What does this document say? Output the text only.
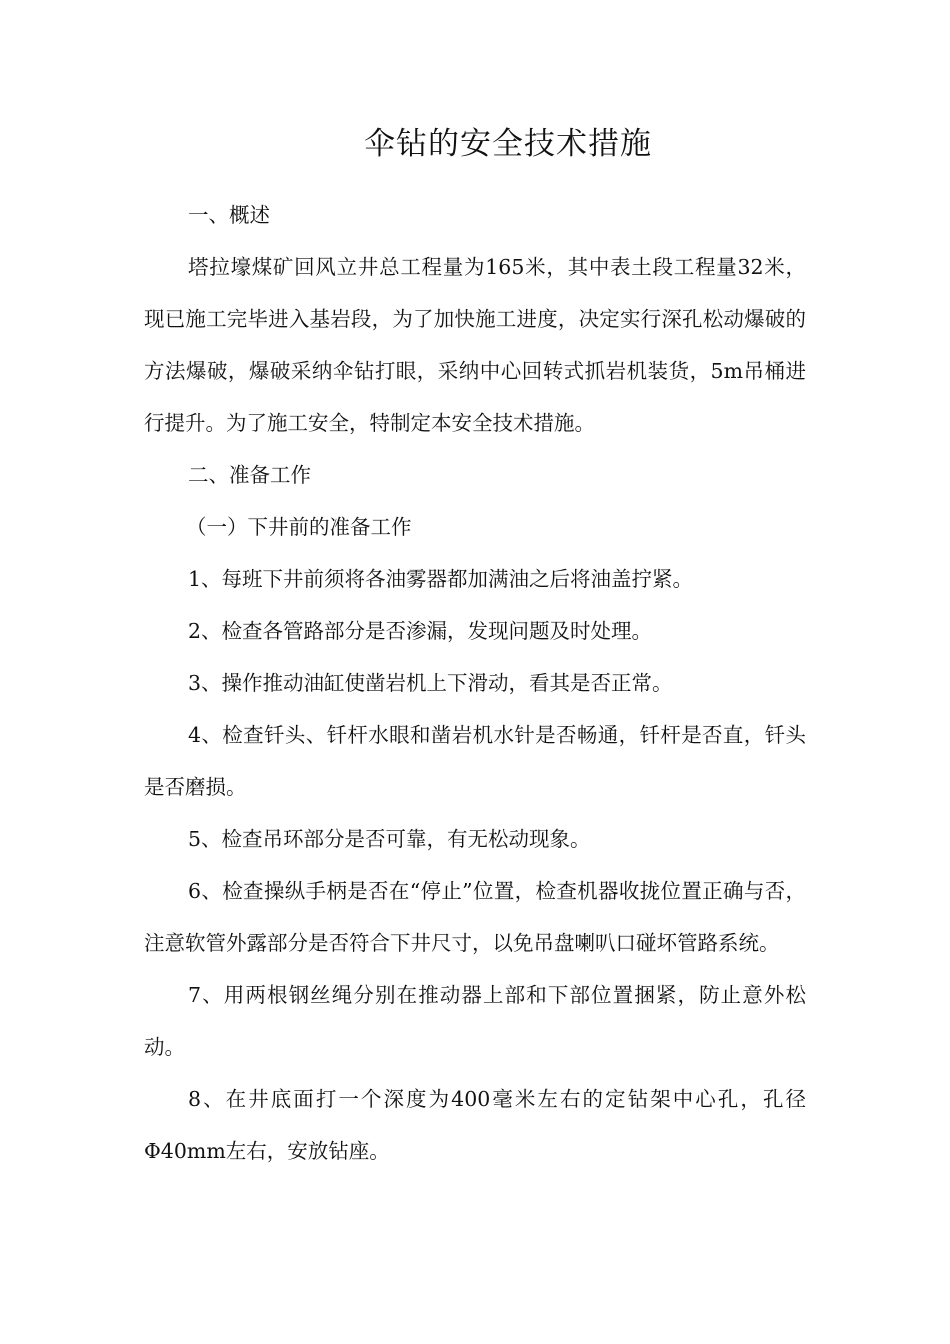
伞钻的安全技术措施

一、概述

塔拉壕煤矿回风立井总工程量为165米，其中表土段工程量32米，现已施工完毕进入基岩段，为了加快施工进度，决定实行深孔松动爆破的方法爆破，爆破采纳伞钻打眼，采纳中心回转式抓岩机装货，5m吊桶进行提升。为了施工安全，特制定本安全技术措施。

二、准备工作

（一）下井前的准备工作

1、每班下井前须将各油雾器都加满油之后将油盖拧紧。

2、检查各管路部分是否渗漏，发现问题及时处理。

3、操作推动油缸使凿岩机上下滑动，看其是否正常。

4、检查钎头、钎杆水眼和凿岩机水针是否畅通，钎杆是否直，钎头是否磨损。

5、检查吊环部分是否可靠，有无松动现象。

6、检查操纵手柄是否在“停止”位置，检查机器收拢位置正确与否，注意软管外露部分是否符合下井尺寸，以免吊盘喇叭口碰坏管路系统。

7、用两根钢丝绳分别在推动器上部和下部位置捆紧，防止意外松动。

8、在井底面打一个深度为400毫米左右的定钻架中心孔，孔径Φ40mm左右，安放钻座。
